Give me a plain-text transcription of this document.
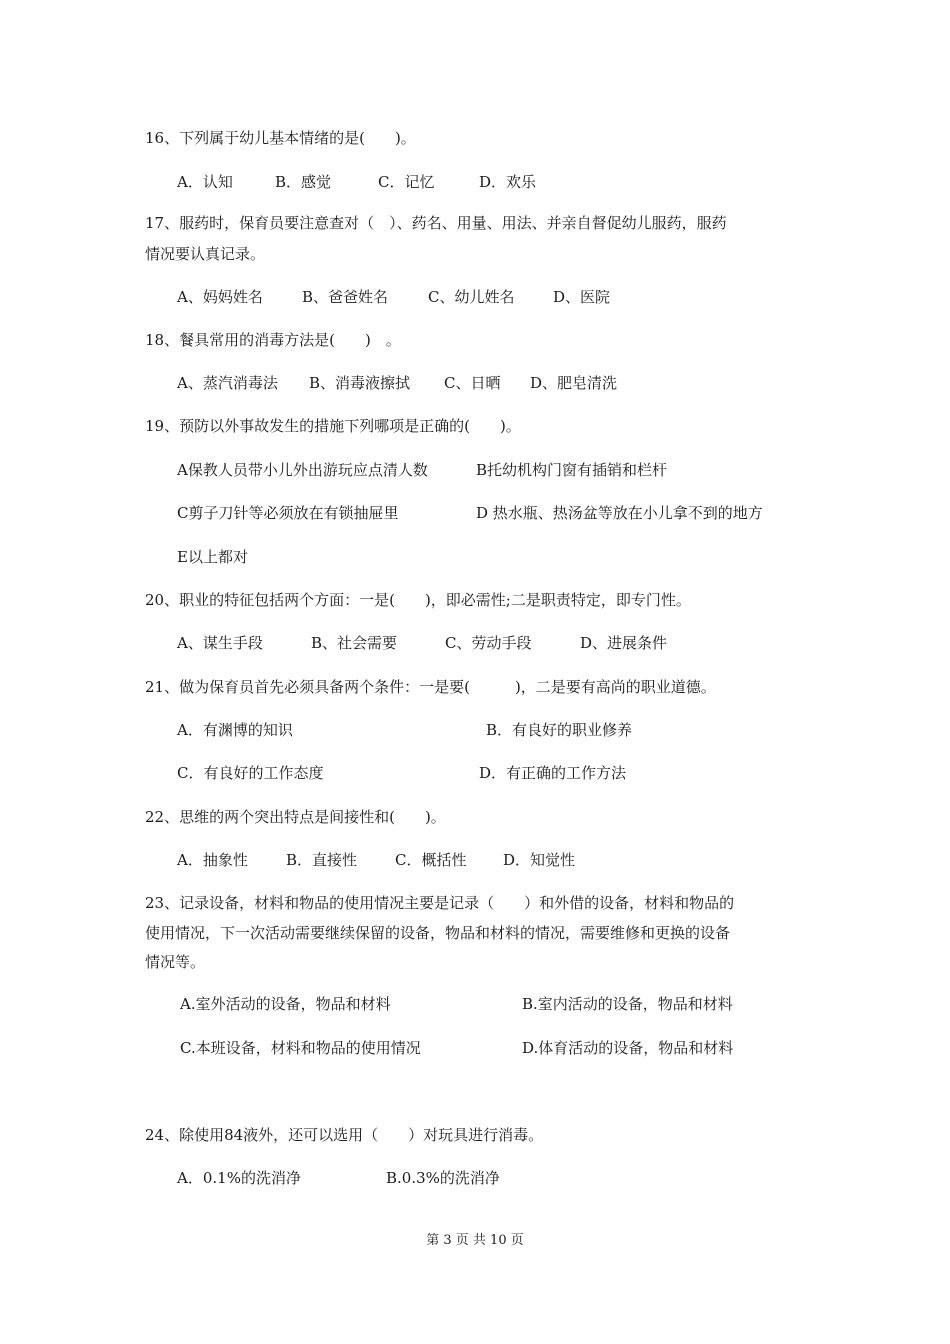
16、下列属于幼儿基本情绪的是(　　)。
A．认知	B．感觉	C．记忆	D．欢乐
17、服药时，保育员要注意查对（　）、药名、用量、用法、并亲自督促幼儿服药，服药
情况要认真记录。
A、妈妈姓名	B、爸爸姓名	C、幼儿姓名	D、医院
18、餐具常用的消毒方法是(　　)　。
A、蒸汽消毒法 B、消毒液擦拭 C、日晒 D、肥皂清洗
19、预防以外事故发生的措施下列哪项是正确的(　　)。
A保教人员带小儿外出游玩应点清人数	B托幼机构门窗有插销和栏杆
C剪子刀针等必须放在有锁抽屉里	D 热水瓶、热汤盆等放在小儿拿不到的地方
E以上都对
20、职业的特征包括两个方面：一是(　　)，即必需性;二是职责特定，即专门性。
A、谋生手段	B、社会需要	C、劳动手段	D、进展条件
21、做为保育员首先必须具备两个条件：一是要(　　　)，二是要有高尚的职业道德。
A．有渊博的知识	B．有良好的职业修养
C．有良好的工作态度	D．有正确的工作方法
22、思维的两个突出特点是间接性和(　　)。
A．抽象性	B．直接性	C．概括性 D．知觉性
23、记录设备，材料和物品的使用情况主要是记录（　　）和外借的设备，材料和物品的
使用情况，下一次活动需要继续保留的设备，物品和材料的情况，需要维修和更换的设备
情况等。
A.室外活动的设备，物品和材料	B.室内活动的设备，物品和材料
C.本班设备，材料和物品的使用情况	D.体育活动的设备，物品和材料
24、除使用84液外，还可以选用（　　）对玩具进行消毒。
A．0.1%的洗消净	B.0.3%的洗消净
第 3 页 共 10 页
